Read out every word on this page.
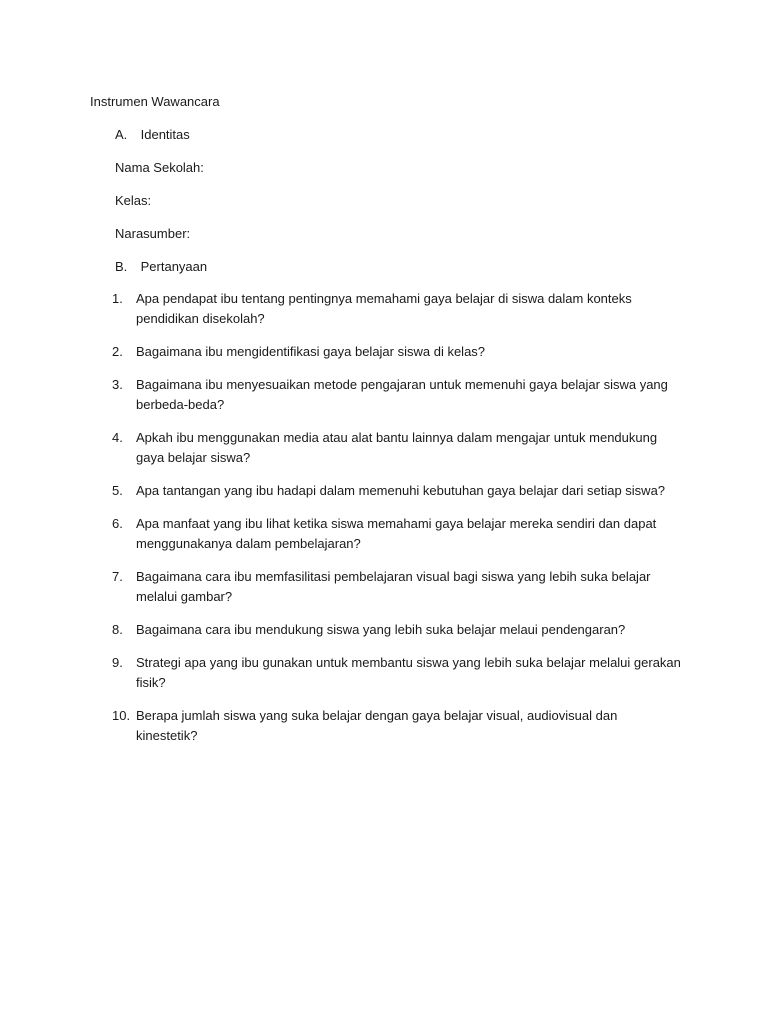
Instrumen Wawancara
A. Identitas
Nama Sekolah:
Kelas:
Narasumber:
B. Pertanyaan
1.	Apa pendapat ibu tentang pentingnya memahami gaya belajar di siswa dalam konteks pendidikan disekolah?
2.	Bagaimana ibu mengidentifikasi gaya belajar siswa di kelas?
3.	Bagaimana ibu menyesuaikan metode pengajaran untuk memenuhi gaya belajar siswa yang berbeda-beda?
4.	Apkah ibu menggunakan media atau alat bantu lainnya dalam mengajar untuk mendukung gaya belajar siswa?
5.	Apa tantangan yang ibu hadapi dalam memenuhi kebutuhan gaya belajar dari setiap siswa?
6.	Apa manfaat yang ibu lihat ketika siswa memahami gaya belajar mereka sendiri dan dapat menggunakanya dalam pembelajaran?
7.	Bagaimana cara ibu memfasilitasi pembelajaran visual bagi siswa yang lebih suka belajar melalui gambar?
8.	Bagaimana cara ibu mendukung siswa yang lebih suka belajar melaui pendengaran?
9.	Strategi apa yang ibu gunakan untuk membantu siswa yang lebih suka belajar melalui gerakan fisik?
10. Berapa jumlah siswa yang suka belajar dengan gaya belajar visual, audiovisual dan kinestetik?
